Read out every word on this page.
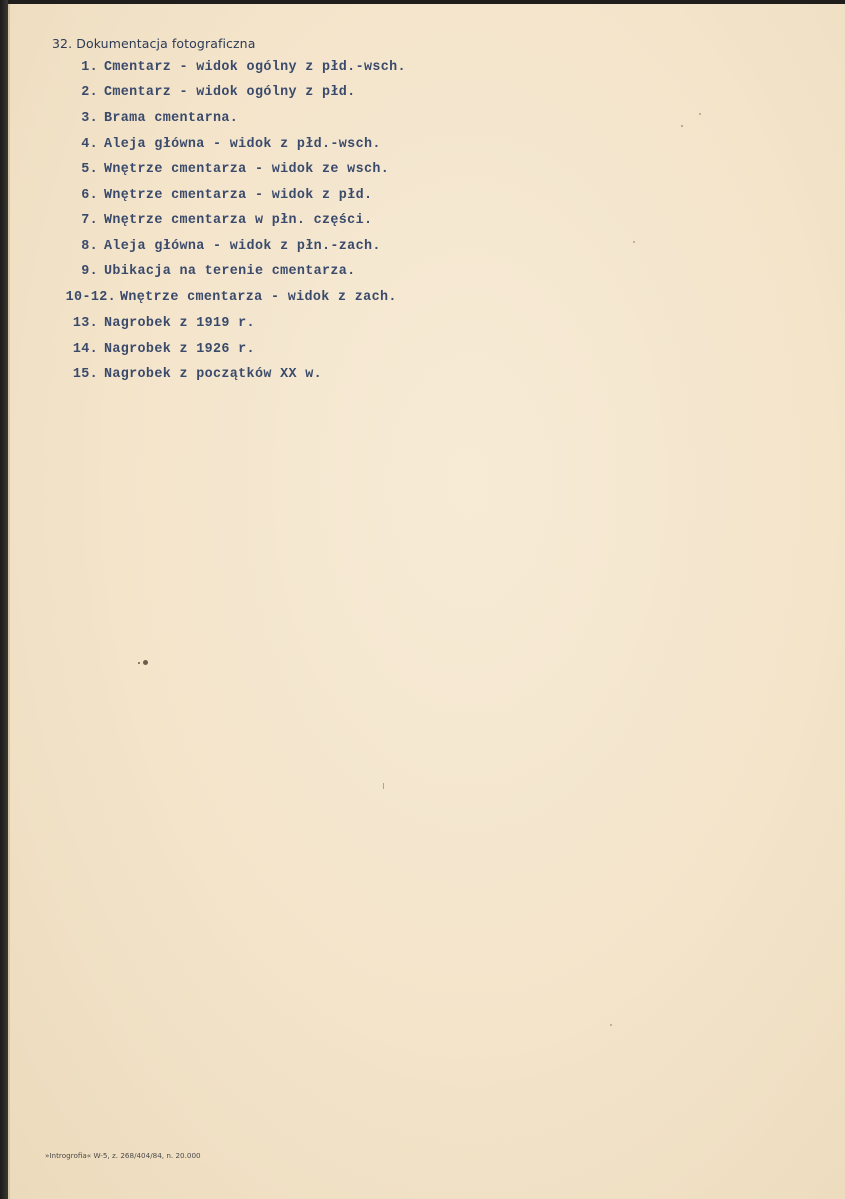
32. Dokumentacja fotograficzna
1. Cmentarz - widok ogólny z płd.-wsch.
2. Cmentarz - widok ogólny z płd.
3. Brama cmentarna.
4. Aleja główna - widok z płd.-wsch.
5. Wnętrze cmentarza - widok ze wsch.
6. Wnętrze cmentarza - widok z płd.
7. Wnętrze cmentarza w płn. części.
8. Aleja główna - widok z płn.-zach.
9. Ubikacja na terenie cmentarza.
10-12. Wnętrze cmentarza - widok z zach.
13. Nagrobek z 1919 r.
14. Nagrobek z 1926 r.
15. Nagrobek z początków XX w.
»Introgrofia« W-5, z. 268/404/84, n. 20.000
